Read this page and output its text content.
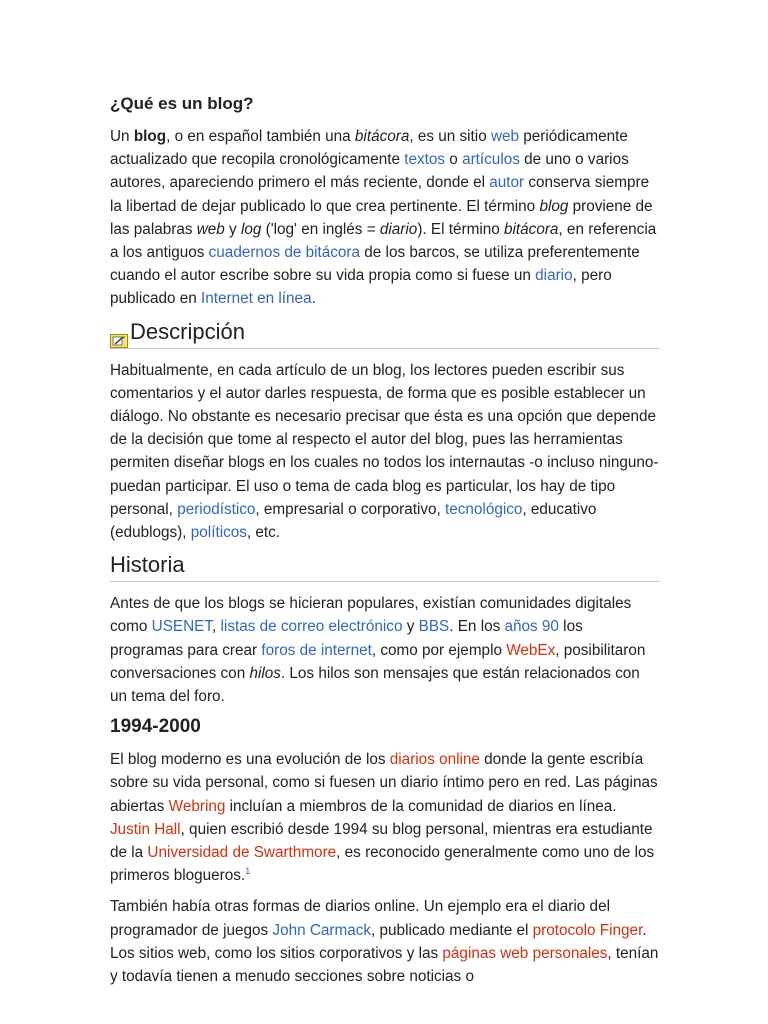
¿Qué es un blog?

Un blog, o en español también una bitácora, es un sitio web periódicamente actualizado que recopila cronológicamente textos o artículos de uno o varios autores, apareciendo primero el más reciente, donde el autor conserva siempre la libertad de dejar publicado lo que crea pertinente. El término blog proviene de las palabras web y log ('log' en inglés = diario). El término bitácora, en referencia a los antiguos cuadernos de bitácora de los barcos, se utiliza preferentemente cuando el autor escribe sobre su vida propia como si fuese un diario, pero publicado en Internet en línea.

Descripción

Habitualmente, en cada artículo de un blog, los lectores pueden escribir sus comentarios y el autor darles respuesta, de forma que es posible establecer un diálogo. No obstante es necesario precisar que ésta es una opción que depende de la decisión que tome al respecto el autor del blog, pues las herramientas permiten diseñar blogs en los cuales no todos los internautas -o incluso ninguno- puedan participar. El uso o tema de cada blog es particular, los hay de tipo personal, periodístico, empresarial o corporativo, tecnológico, educativo (edublogs), políticos, etc.

Historia

Antes de que los blogs se hicieran populares, existían comunidades digitales como USENET, listas de correo electrónico y BBS. En los años 90 los programas para crear foros de internet, como por ejemplo WebEx, posibilitaron conversaciones con hilos. Los hilos son mensajes que están relacionados con un tema del foro.

1994-2000

El blog moderno es una evolución de los diarios online donde la gente escribía sobre su vida personal, como si fuesen un diario íntimo pero en red. Las páginas abiertas Webring incluían a miembros de la comunidad de diarios en línea. Justin Hall, quien escribió desde 1994 su blog personal, mientras era estudiante de la Universidad de Swarthmore, es reconocido generalmente como uno de los primeros blogueros.$^1$

También había otras formas de diarios online. Un ejemplo era el diario del programador de juegos John Carmack, publicado mediante el protocolo Finger. Los sitios web, como los sitios corporativos y las páginas web personales, tenían y todavía tienen a menudo secciones sobre noticias o
